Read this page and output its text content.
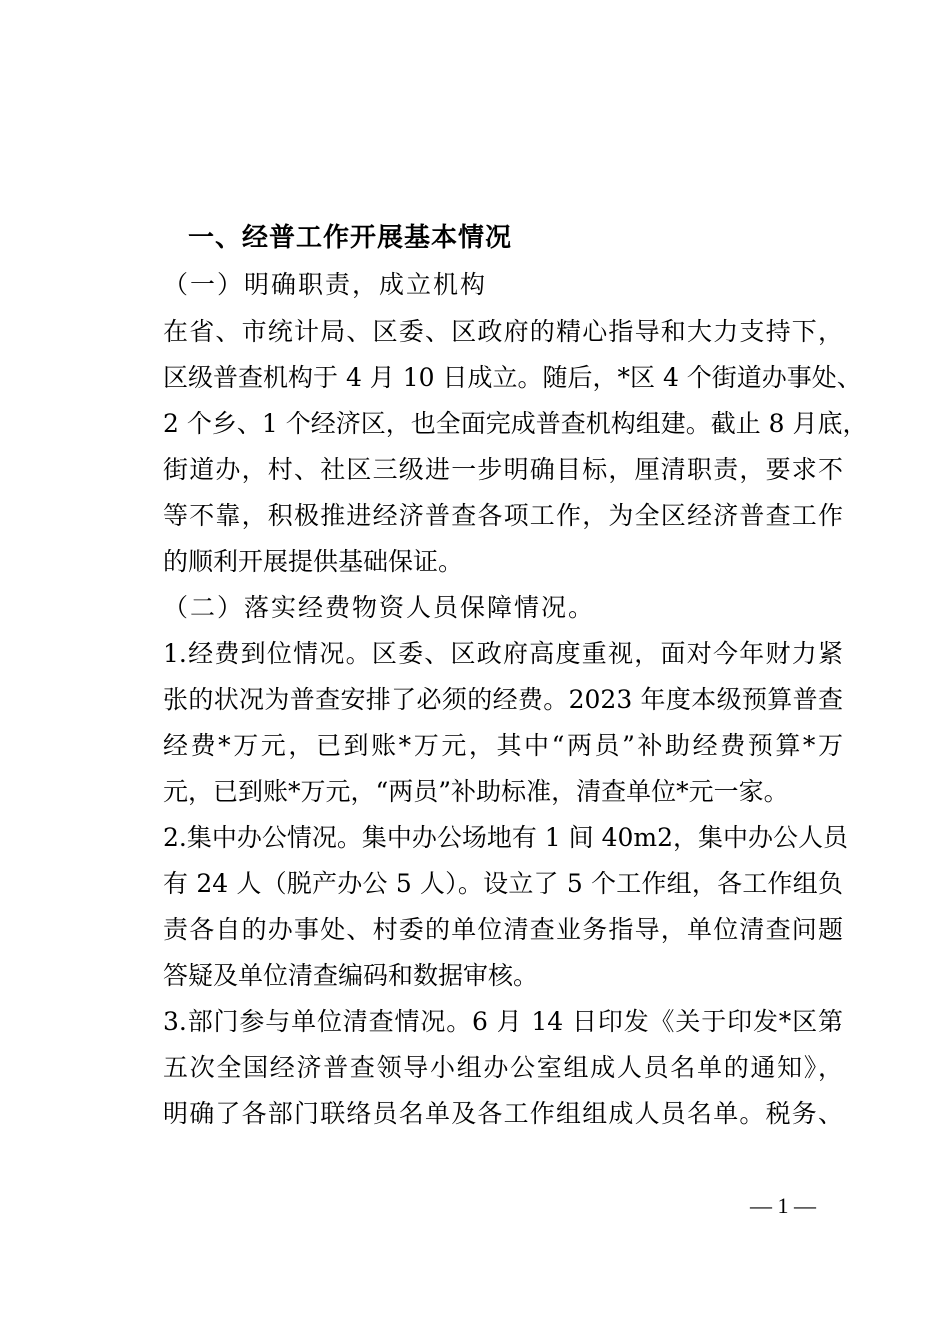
一、经普工作开展基本情况
（一）明确职责，成立机构
在省、市统计局、区委、区政府的精心指导和大力支持下，
区级普查机构于 4 月 10 日成立。随后，*区 4 个街道办事处、
2 个乡、1 个经济区，也全面完成普查机构组建。截止 8 月底，
街道办，村、社区三级进一步明确目标，厘清职责，要求不
等不靠，积极推进经济普查各项工作，为全区经济普查工作
的顺利开展提供基础保证。
（二）落实经费物资人员保障情况。
1.经费到位情况。区委、区政府高度重视，面对今年财力紧
张的状况为普查安排了必须的经费。2023 年度本级预算普查
经费*万元，已到账*万元，其中“两员”补助经费预算*万
元，已到账*万元，“两员”补助标准，清查单位*元一家。
2.集中办公情况。集中办公场地有 1 间 40m2，集中办公人员
有 24 人（脱产办公 5 人）。设立了 5 个工作组，各工作组负
责各自的办事处、村委的单位清查业务指导，单位清查问题
答疑及单位清查编码和数据审核。
3.部门参与单位清查情况。6 月 14 日印发《关于印发*区第
五次全国经济普查领导小组办公室组成人员名单的通知》，
明确了各部门联络员名单及各工作组组成人员名单。税务、
— 1 —
